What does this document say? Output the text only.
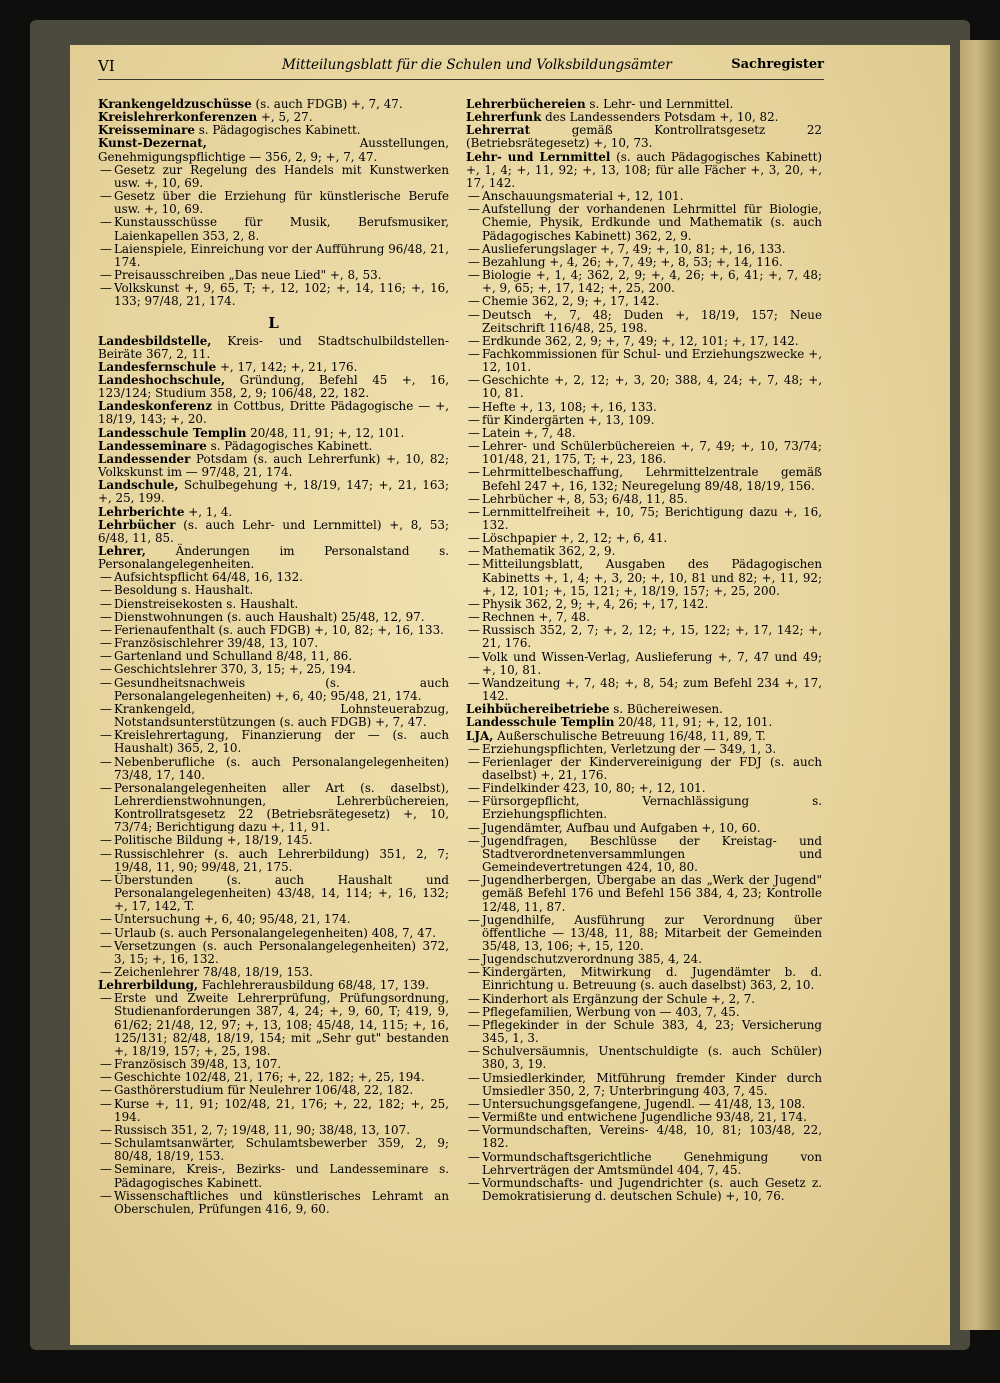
VI	Mitteilungsblatt für die Schulen und Volksbildungsämter	Sachregister

Krankengeldzuschüsse (s. auch FDGB) +, 7, 47.

Kreislehrerkonferenzen +, 5, 27.

Kreisseminare s. Pädagogisches Kabinett.

Kunst-Dezernat, Ausstellungen, Genehmigungspflichtige — 356, 2, 9; +, 7, 47.

— Gesetz zur Regelung des Handels mit Kunstwerken usw. +, 10, 69.

— Gesetz über die Erziehung für künstlerische Berufe usw. +, 10, 69.

— Kunstausschüsse für Musik, Berufsmusiker, Laienkapellen 353, 2, 8.

— Laienspiele, Einreichung vor der Aufführung 96/48, 21, 174.

— Preisausschreiben „Das neue Lied" +, 8, 53.

— Volkskunst +, 9, 65, T; +, 12, 102; +, 14, 116; +, 16, 133; 97/48, 21, 174.

L

Landesbildstelle, Kreis- und Stadtschulbildstellen-Beiräte 367, 2, 11.

Landesfernschule +, 17, 142; +, 21, 176.

Landeshochschule, Gründung, Befehl 45 +, 16, 123/124; Studium 358, 2, 9; 106/48, 22, 182.

Landeskonferenz in Cottbus, Dritte Pädagogische — +, 18/19, 143; +, 20.

Landesschule Templin 20/48, 11, 91; +, 12, 101.

Landesseminare s. Pädagogisches Kabinett.

Landessender Potsdam (s. auch Lehrerfunk) +, 10, 82; Volkskunst im — 97/48, 21, 174.

Landschule, Schulbegehung +, 18/19, 147; +, 21, 163; +, 25, 199.

Lehrberichte +, 1, 4.

Lehrbücher (s. auch Lehr- und Lernmittel) +, 8, 53; 6/48, 11, 85.

Lehrer, Änderungen im Personalstand s. Personalangelegenheiten.

— Aufsichtspflicht 64/48, 16, 132.

— Besoldung s. Haushalt.

— Dienstreisekosten s. Haushalt.

— Dienstwohnungen (s. auch Haushalt) 25/48, 12, 97.

— Ferienaufenthalt (s. auch FDGB) +, 10, 82; +, 16, 133.

— Französischlehrer 39/48, 13, 107.

— Gartenland und Schulland 8/48, 11, 86.

— Geschichtslehrer 370, 3, 15; +, 25, 194.

— Gesundheitsnachweis (s. auch Personalangelegenheiten) +, 6, 40; 95/48, 21, 174.

— Krankengeld, Lohnsteuerabzug, Notstandsunterstützungen (s. auch FDGB) +, 7, 47.

— Kreislehrertagung, Finanzierung der — (s. auch Haushalt) 365, 2, 10.

— Nebenberufliche (s. auch Personalangelegenheiten) 73/48, 17, 140.

— Personalangelegenheiten aller Art (s. daselbst), Lehrerdienstwohnungen, Lehrerbüchereien, Kontrollratsgesetz 22 (Betriebsrätegesetz) +, 10, 73/74; Berichtigung dazu +, 11, 91.

— Politische Bildung +, 18/19, 145.

— Russischlehrer (s. auch Lehrerbildung) 351, 2, 7; 19/48, 11, 90; 99/48, 21, 175.

— Überstunden (s. auch Haushalt und Personalangelegenheiten) 43/48, 14, 114; +, 16, 132; +, 17, 142, T.

— Untersuchung +, 6, 40; 95/48, 21, 174.

— Urlaub (s. auch Personalangelegenheiten) 408, 7, 47.

— Versetzungen (s. auch Personalangelegenheiten) 372, 3, 15; +, 16, 132.

— Zeichenlehrer 78/48, 18/19, 153.

Lehrerbildung, Fachlehrerausbildung 68/48, 17, 139.

— Erste und Zweite Lehrerprüfung, Prüfungsordnung, Studienanforderungen 387, 4, 24; +, 9, 60, T; 419, 9, 61/62; 21/48, 12, 97; +, 13, 108; 45/48, 14, 115; +, 16, 125/131; 82/48, 18/19, 154; mit „Sehr gut" bestanden +, 18/19, 157; +, 25, 198.

— Französisch 39/48, 13, 107.

— Geschichte 102/48, 21, 176; +, 22, 182; +, 25, 194.

— Gasthörerstudium für Neulehrer 106/48, 22, 182.

— Kurse +, 11, 91; 102/48, 21, 176; +, 22, 182; +, 25, 194.

— Russisch 351, 2, 7; 19/48, 11, 90; 38/48, 13, 107.

— Schulamtsanwärter, Schulamtsbewerber 359, 2, 9; 80/48, 18/19, 153.

— Seminare, Kreis-, Bezirks- und Landesseminare s. Pädagogisches Kabinett.

— Wissenschaftliches und künstlerisches Lehramt an Oberschulen, Prüfungen 416, 9, 60.

Lehrerbüchereien s. Lehr- und Lernmittel.

Lehrerfunk des Landessenders Potsdam +, 10, 82.

Lehrerrat gemäß Kontrollratsgesetz 22 (Betriebsrätegesetz) +, 10, 73.

Lehr- und Lernmittel (s. auch Pädagogisches Kabinett) +, 1, 4; +, 11, 92; +, 13, 108; für alle Fächer +, 3, 20, +, 17, 142.

— Anschauungsmaterial +, 12, 101.

— Aufstellung der vorhandenen Lehrmittel für Biologie, Chemie, Physik, Erdkunde und Mathematik (s. auch Pädagogisches Kabinett) 362, 2, 9.

— Auslieferungslager +, 7, 49; +, 10, 81; +, 16, 133.

— Bezahlung +, 4, 26; +, 7, 49; +, 8, 53; +, 14, 116.

— Biologie +, 1, 4; 362, 2, 9; +, 4, 26; +, 6, 41; +, 7, 48; +, 9, 65; +, 17, 142; +, 25, 200.

— Chemie 362, 2, 9; +, 17, 142.

— Deutsch +, 7, 48; Duden +, 18/19, 157; Neue Zeitschrift 116/48, 25, 198.

— Erdkunde 362, 2, 9; +, 7, 49; +, 12, 101; +, 17, 142.

— Fachkommissionen für Schul- und Erziehungszwecke +, 12, 101.

— Geschichte +, 2, 12; +, 3, 20; 388, 4, 24; +, 7, 48; +, 10, 81.

— Hefte +, 13, 108; +, 16, 133.

— für Kindergärten +, 13, 109.

— Latein +, 7, 48.

— Lehrer- und Schülerbüchereien +, 7, 49; +, 10, 73/74; 101/48, 21, 175, T; +, 23, 186.

— Lehrmittelbeschaffung, Lehrmittelzentrale gemäß Befehl 247 +, 16, 132; Neuregelung 89/48, 18/19, 156.

— Lehrbücher +, 8, 53; 6/48, 11, 85.

— Lernmittelfreiheit +, 10, 75; Berichtigung dazu +, 16, 132.

— Löschpapier +, 2, 12; +, 6, 41.

— Mathematik 362, 2, 9.

— Mitteilungsblatt, Ausgaben des Pädagogischen Kabinetts +, 1, 4; +, 3, 20; +, 10, 81 und 82; +, 11, 92; +, 12, 101; +, 15, 121; +, 18/19, 157; +, 25, 200.

— Physik 362, 2, 9; +, 4, 26; +, 17, 142.

— Rechnen +, 7, 48.

— Russisch 352, 2, 7; +, 2, 12; +, 15, 122; +, 17, 142; +, 21, 176.

— Volk und Wissen-Verlag, Auslieferung +, 7, 47 und 49; +, 10, 81.

— Wandzeitung +, 7, 48; +, 8, 54; zum Befehl 234 +, 17, 142.

Leihbüchereibetriebe s. Büchereiwesen.

Landesschule Templin 20/48, 11, 91; +, 12, 101.

LJA, Außerschulische Betreuung 16/48, 11, 89, T.

— Erziehungspflichten, Verletzung der — 349, 1, 3.

— Ferienlager der Kindervereinigung der FDJ (s. auch daselbst) +, 21, 176.

— Findelkinder 423, 10, 80; +, 12, 101.

— Fürsorgepflicht, Vernachlässigung s. Erziehungspflichten.

— Jugendämter, Aufbau und Aufgaben +, 10, 60.

— Jugendfragen, Beschlüsse der Kreistag- und Stadtverordnetenversammlungen und Gemeindevertretungen 424, 10, 80.

— Jugendherbergen, Übergabe an das „Werk der Jugend" gemäß Befehl 176 und Befehl 156 384, 4, 23; Kontrolle 12/48, 11, 87.

— Jugendhilfe, Ausführung zur Verordnung über öffentliche — 13/48, 11, 88; Mitarbeit der Gemeinden 35/48, 13, 106; +, 15, 120.

— Jugendschutzverordnung 385, 4, 24.

— Kindergärten, Mitwirkung d. Jugendämter b. d. Einrichtung u. Betreuung (s. auch daselbst) 363, 2, 10.

— Kinderhort als Ergänzung der Schule +, 2, 7.

— Pflegefamilien, Werbung von — 403, 7, 45.

— Pflegekinder in der Schule 383, 4, 23; Versicherung 345, 1, 3.

— Schulversäumnis, Unentschuldigte (s. auch Schüler) 380, 3, 19.

— Umsiedlerkinder, Mitführung fremder Kinder durch Umsiedler 350, 2, 7; Unterbringung 403, 7, 45.

— Untersuchungsgefangene, Jugendl. — 41/48, 13, 108.

— Vermißte und entwichene Jugendliche 93/48, 21, 174.

— Vormundschaften, Vereins- 4/48, 10, 81; 103/48, 22, 182.

— Vormundschaftsgerichtliche Genehmigung von Lehrverträgen der Amtsmündel 404, 7, 45.

— Vormundschafts- und Jugendrichter (s. auch Gesetz z. Demokratisierung d. deutschen Schule) +, 10, 76.
